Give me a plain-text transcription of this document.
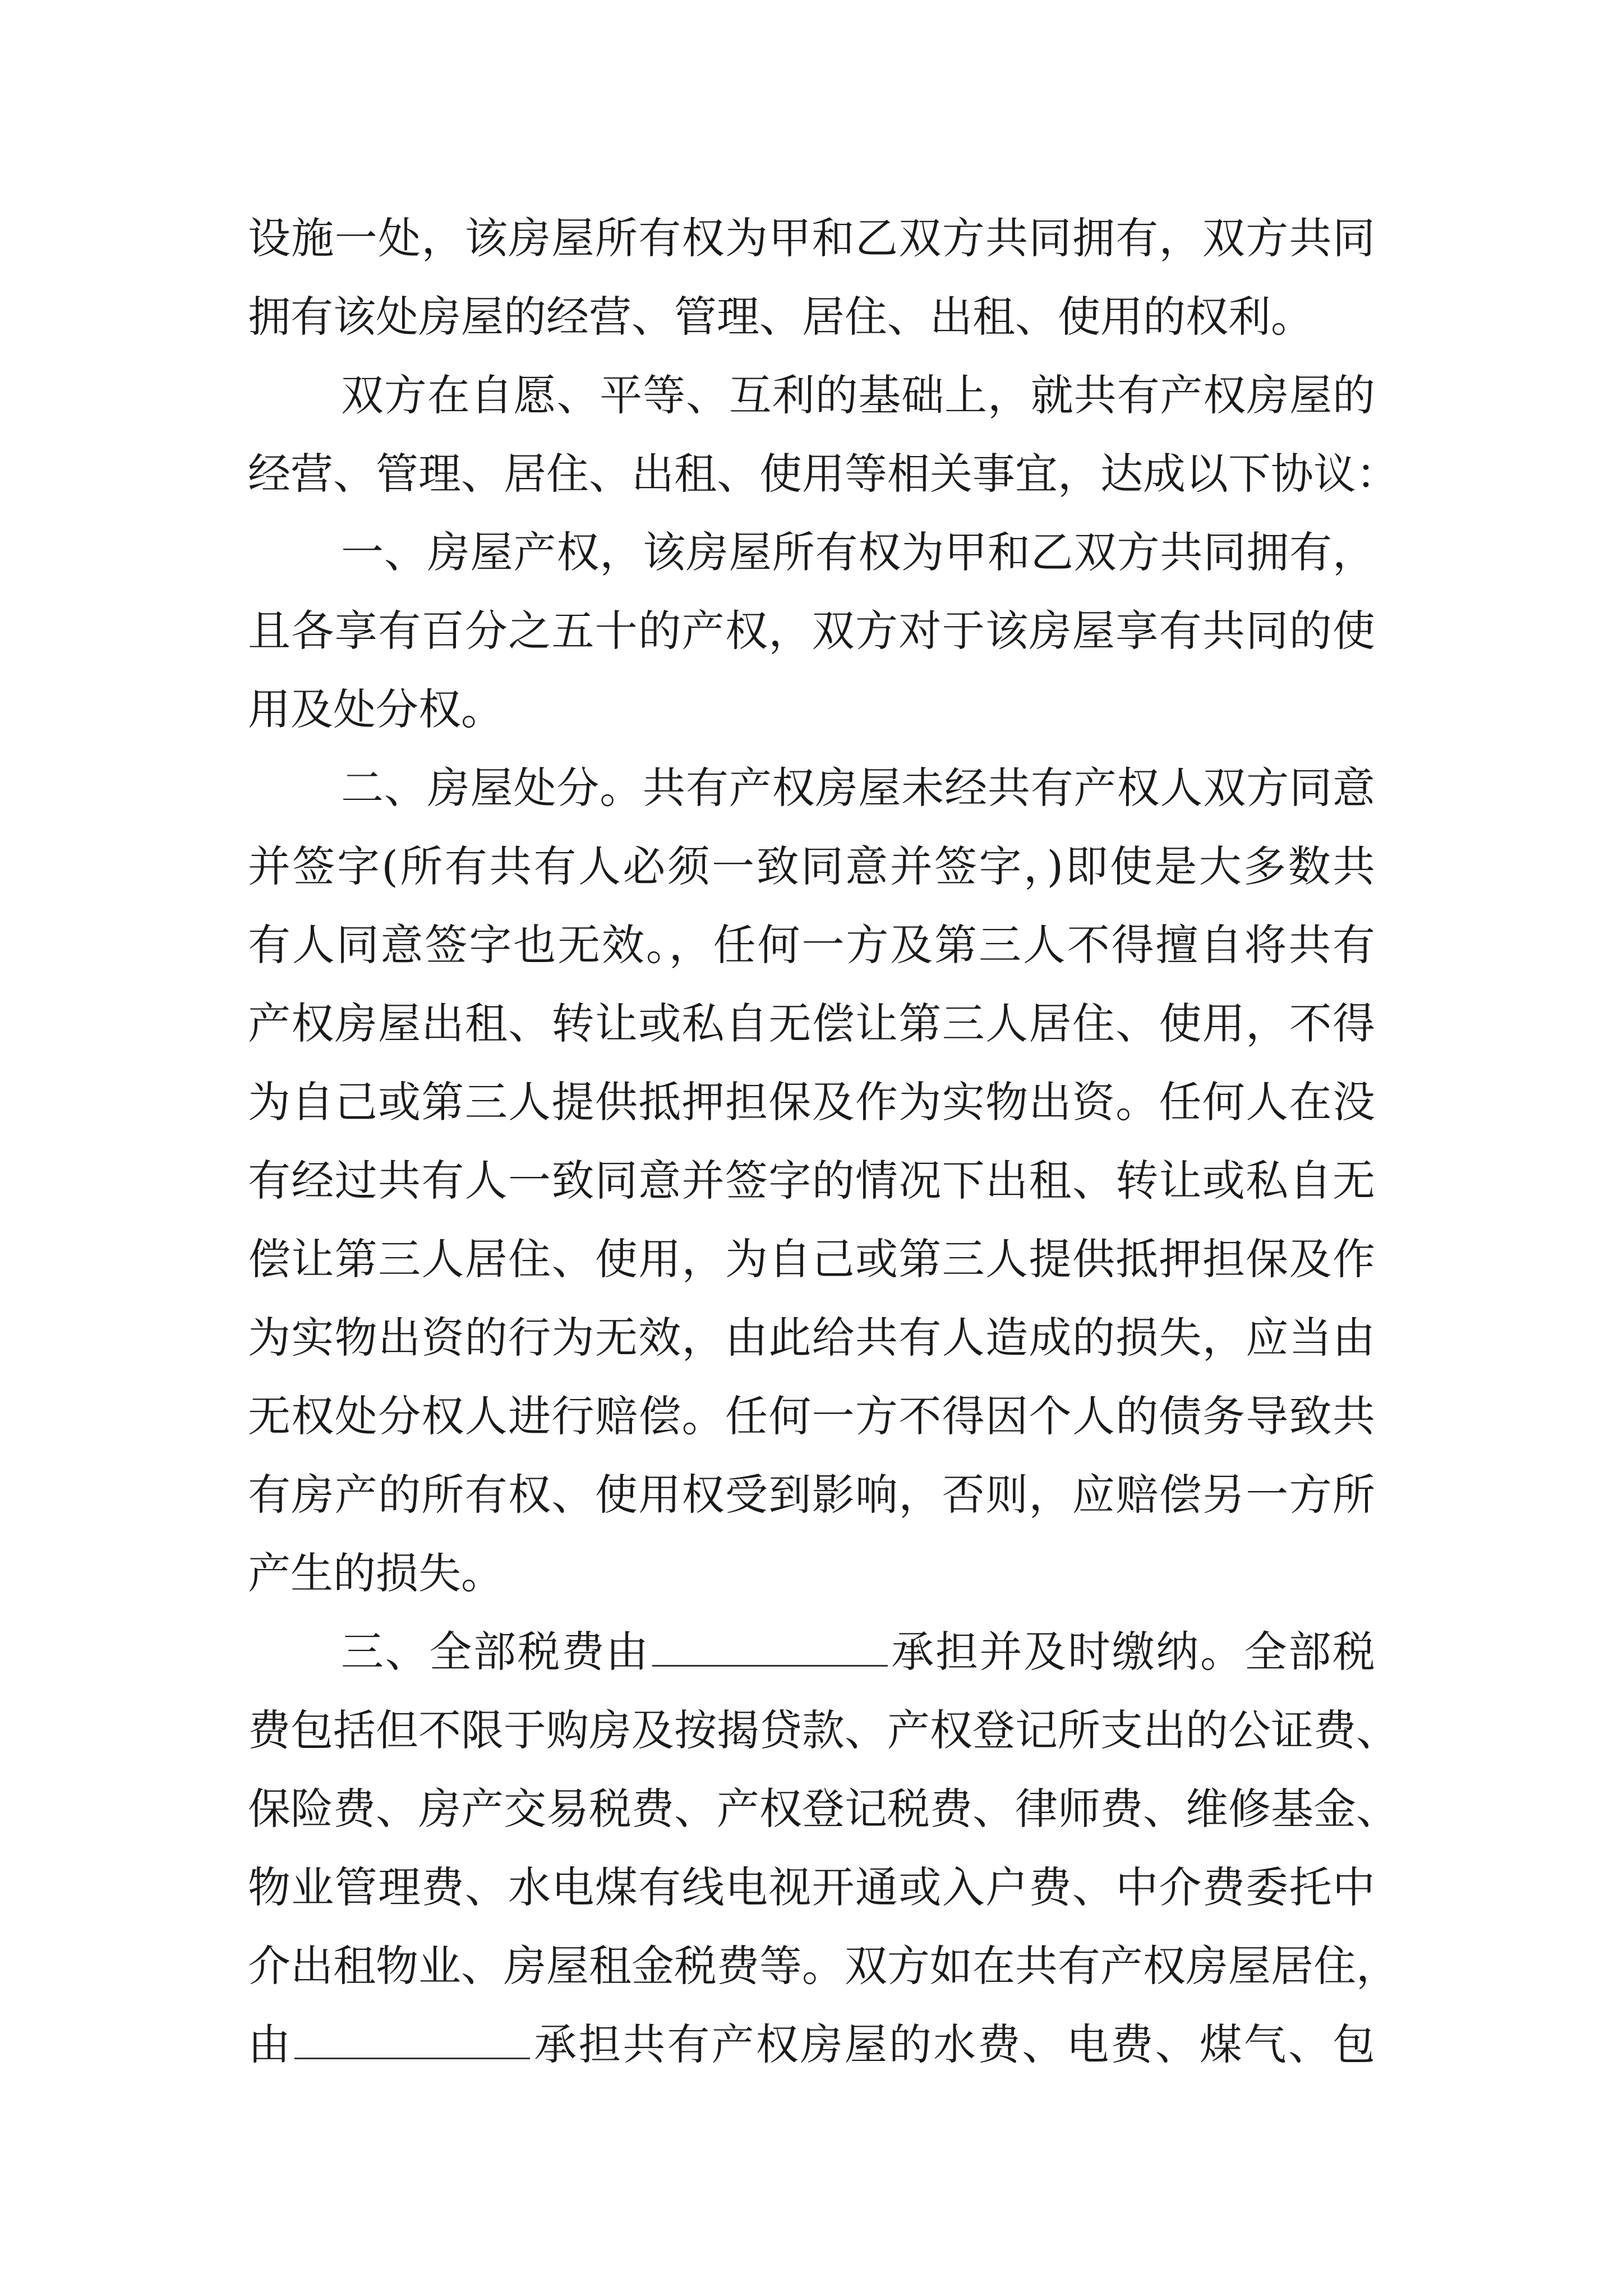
设施一处，该房屋所有权为甲和乙双方共同拥有，双方共同
拥有该处房屋的经营、管理、居住、出租、使用的权利。
双方在自愿、平等、互利的基础上，就共有产权房屋的
经营、管理、居住、出租、使用等相关事宜，达成以下协议：
一、房屋产权，该房屋所有权为甲和乙双方共同拥有，
且各享有百分之五十的产权，双方对于该房屋享有共同的使
用及处分权。
二、房屋处分。共有产权房屋未经共有产权人双方同意
并签字(所有共有人必须一致同意并签字，)即使是大多数共
有人同意签字也无效。，任何一方及第三人不得擅自将共有
产权房屋出租、转让或私自无偿让第三人居住、使用，不得
为自己或第三人提供抵押担保及作为实物出资。任何人在没
有经过共有人一致同意并签字的情况下出租、转让或私自无
偿让第三人居住、使用，为自己或第三人提供抵押担保及作
为实物出资的行为无效，由此给共有人造成的损失，应当由
无权处分权人进行赔偿。任何一方不得因个人的债务导致共
有房产的所有权、使用权受到影响，否则，应赔偿另一方所
产生的损失。
三、全部税费由	承担并及时缴纳。全部税
费包括但不限于购房及按揭贷款、产权登记所支出的公证费、
保险费、房产交易税费、产权登记税费、律师费、维修基金、
物业管理费、水电煤有线电视开通或入户费、中介费委托中
介出租物业、房屋租金税费等。双方如在共有产权房屋居住，
由	承担共有产权房屋的水费、电费、煤气、包
